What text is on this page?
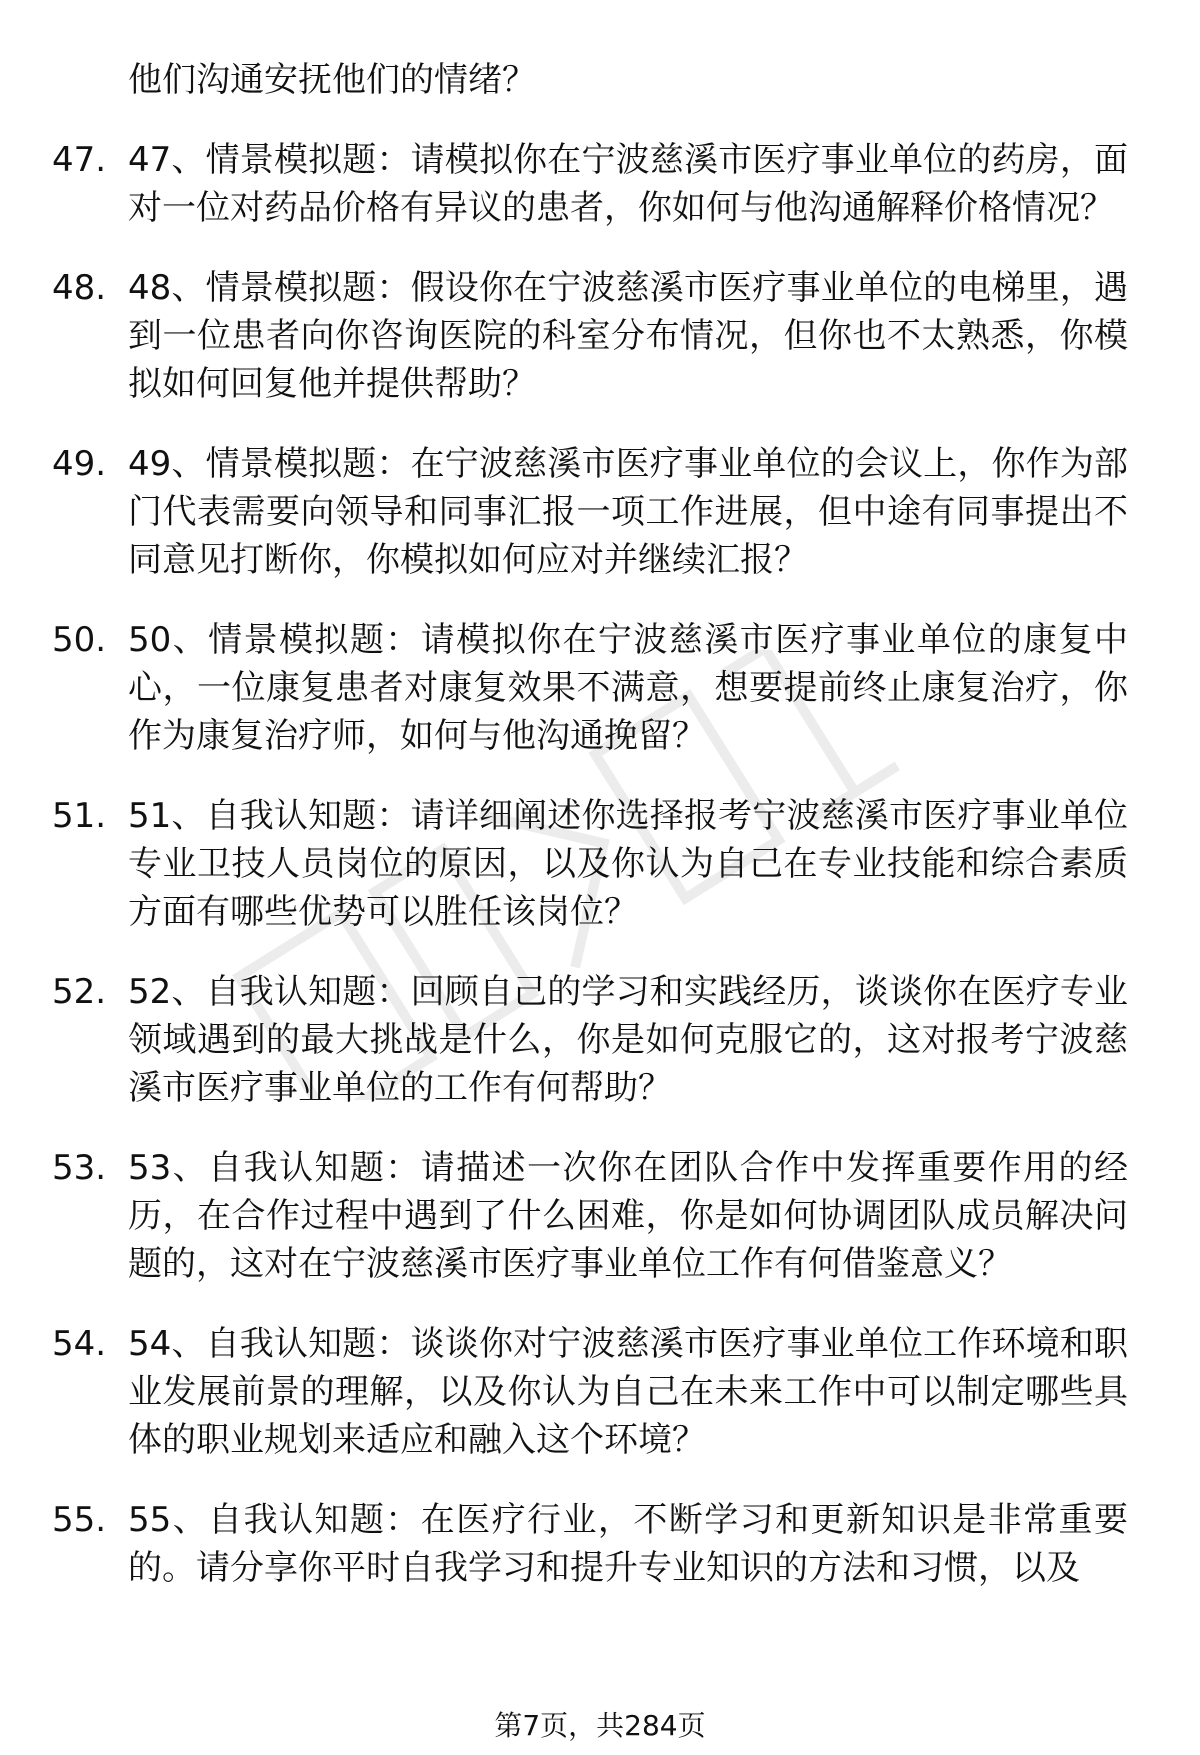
他们沟通安抚他们的情绪？
47. 47、情景模拟题：请模拟你在宁波慈溪市医疗事业单位的药房，面对一位对药品价格有异议的患者，你如何与他沟通解释价格情况？
48. 48、情景模拟题：假设你在宁波慈溪市医疗事业单位的电梯里，遇到一位患者向你咨询医院的科室分布情况，但你也不太熟悉，你模拟如何回复他并提供帮助？
49. 49、情景模拟题：在宁波慈溪市医疗事业单位的会议上，你作为部门代表需要向领导和同事汇报一项工作进展，但中途有同事提出不同意见打断你，你模拟如何应对并继续汇报？
50. 50、情景模拟题：请模拟你在宁波慈溪市医疗事业单位的康复中心，一位康复患者对康复效果不满意，想要提前终止康复治疗，你作为康复治疗师，如何与他沟通挽留？
51. 51、自我认知题：请详细阐述你选择报考宁波慈溪市医疗事业单位专业卫技人员岗位的原因，以及你认为自己在专业技能和综合素质方面有哪些优势可以胜任该岗位？
52. 52、自我认知题：回顾自己的学习和实践经历，谈谈你在医疗专业领域遇到的最大挑战是什么，你是如何克服它的，这对报考宁波慈溪市医疗事业单位的工作有何帮助？
53. 53、自我认知题：请描述一次你在团队合作中发挥重要作用的经历，在合作过程中遇到了什么困难，你是如何协调团队成员解决问题的，这对在宁波慈溪市医疗事业单位工作有何借鉴意义？
54. 54、自我认知题：谈谈你对宁波慈溪市医疗事业单位工作环境和职业发展前景的理解，以及你认为自己在未来工作中可以制定哪些具体的职业规划来适应和融入这个环境？
55. 55、自我认知题：在医疗行业，不断学习和更新知识是非常重要的。请分享你平时自我学习和提升专业知识的方法和习惯，以及
第7页，共284页
